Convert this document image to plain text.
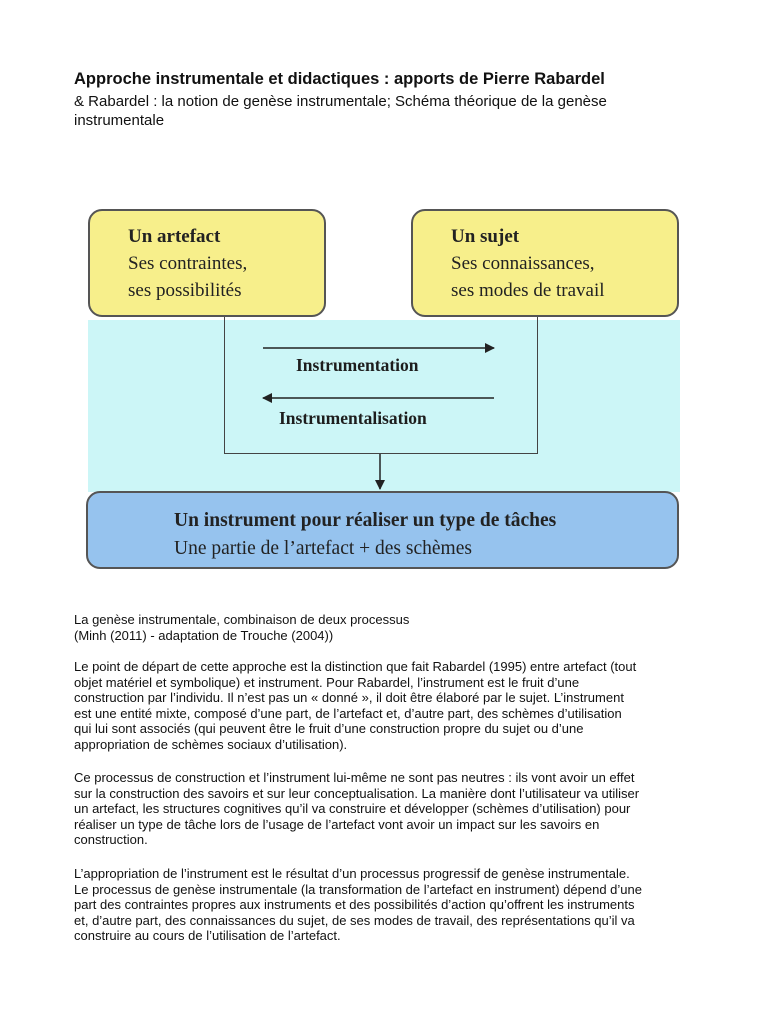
Approche instrumentale et didactiques : apports de Pierre Rabardel

& Rabardel : la notion de genèse instrumentale; Schéma théorique de la genèse instrumentale

Un artefact
Ses contraintes,
ses possibilités
Un sujet
Ses connaissances,
ses modes de travail
Instrumentation
Instrumentalisation
Un instrument pour réaliser un type de tâches
Une partie de l’artefact + des schèmes
La genèse instrumentale, combinaison de deux processus
(Minh (2011) - adaptation de Trouche (2004))
Le point de départ de cette approche est la distinction que fait Rabardel (1995) entre artefact (tout
objet matériel et symbolique) et instrument. Pour Rabardel, l’instrument est le fruit d’une
construction par l’individu. Il n’est pas un « donné », il doit être élaboré par le sujet. L’instrument
est une entité mixte, composé d’une part, de l’artefact et, d’autre part, des schèmes d’utilisation
qui lui sont associés (qui peuvent être le fruit d’une construction propre du sujet ou d’une
appropriation de schèmes sociaux d’utilisation).
Ce processus de construction et l’instrument lui-même ne sont pas neutres : ils vont avoir un effet
sur la construction des savoirs et sur leur conceptualisation. La manière dont l’utilisateur va utiliser
un artefact, les structures cognitives qu’il va construire et développer (schèmes d’utilisation) pour
réaliser un type de tâche lors de l’usage de l’artefact vont avoir un impact sur les savoirs en
construction.
L’appropriation de l’instrument est le résultat d’un processus progressif de genèse instrumentale.
Le processus de genèse instrumentale (la transformation de l’artefact en instrument) dépend d’une
part des contraintes propres aux instruments et des possibilités d’action qu’offrent les instruments
et, d’autre part, des connaissances du sujet, de ses modes de travail, des représentations qu’il va
construire au cours de l’utilisation de l’artefact.
